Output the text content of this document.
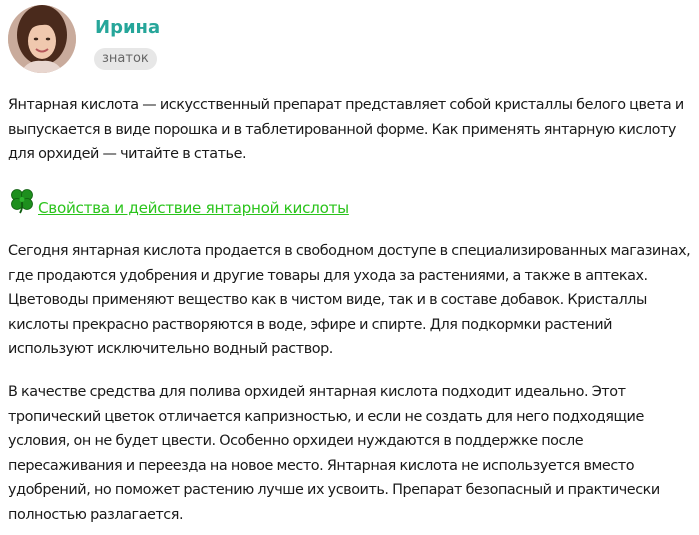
Ирина
знаток

Янтарная кислота — искусственный препарат представляет собой кристаллы белого цвета и выпускается в виде порошка и в таблетированной форме. Как применять янтарную кислоту для орхидей — читайте в статье.

Свойства и действие янтарной кислоты

Сегодня янтарная кислота продается в свободном доступе в специализированных магазинах, где продаются удобрения и другие товары для ухода за растениями, а также в аптеках. Цветоводы применяют вещество как в чистом виде, так и в составе добавок. Кристаллы кислоты прекрасно растворяются в воде, эфире и спирте. Для подкормки растений используют исключительно водный раствор.

В качестве средства для полива орхидей янтарная кислота подходит идеально. Этот тропический цветок отличается капризностью, и если не создать для него подходящие условия, он не будет цвести. Особенно орхидеи нуждаются в поддержке после пересаживания и переезда на новое место. Янтарная кислота не используется вместо удобрений, но поможет растению лучше их усвоить. Препарат безопасный и практически полностью разлагается.
